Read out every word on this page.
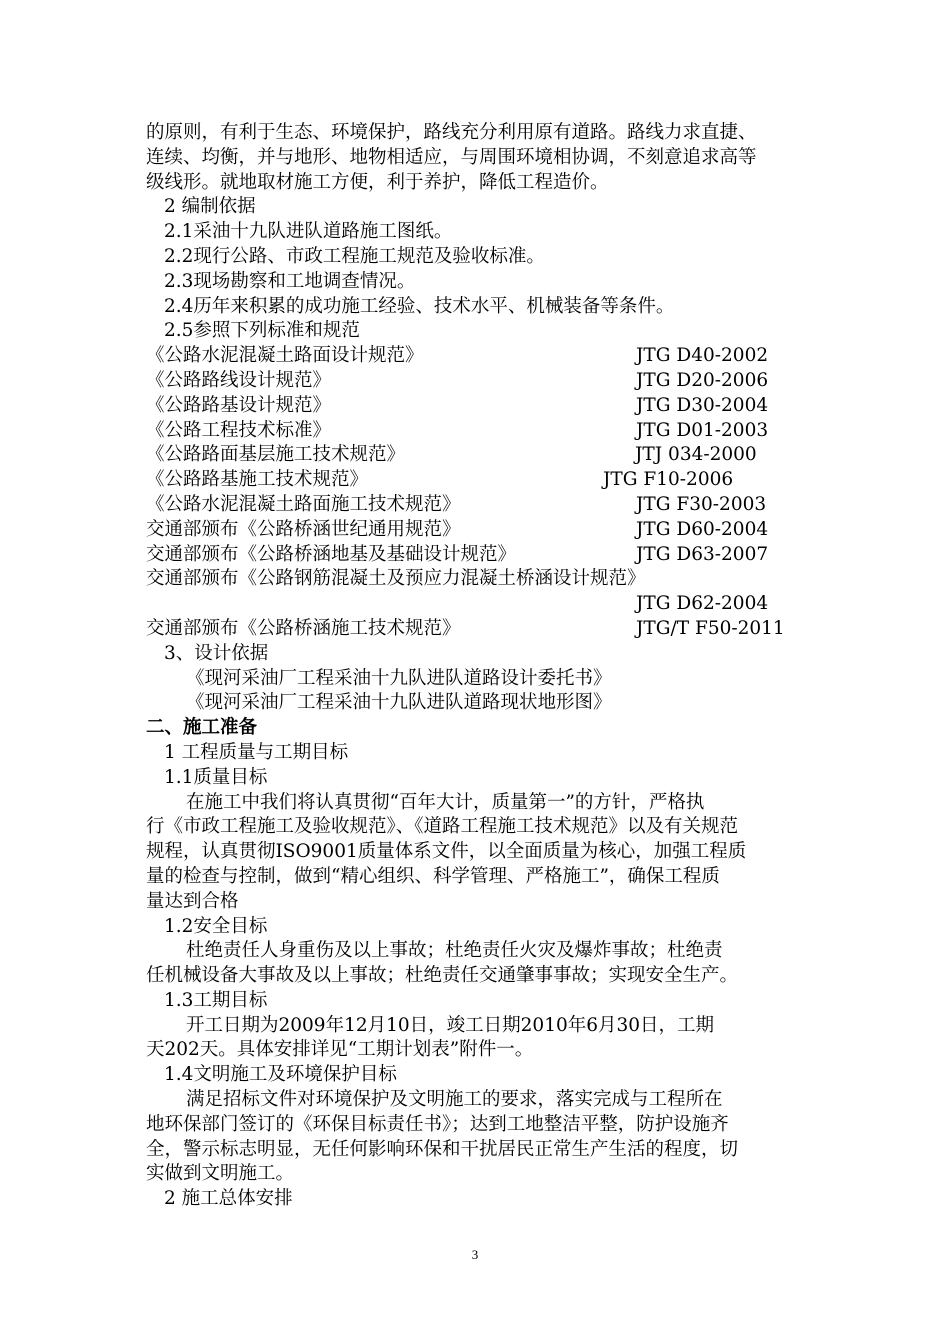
的原则，有利于生态、环境保护，路线充分利用原有道路。路线力求直捷、
连续、均衡，并与地形、地物相适应，与周围环境相协调，不刻意追求高等
级线形。就地取材施工方便，利于养护，降低工程造价。
2 编制依据
2.1采油十九队进队道路施工图纸。
2.2现行公路、市政工程施工规范及验收标准。
2.3现场勘察和工地调查情况。
2.4历年来积累的成功施工经验、技术水平、机械装备等条件。
2.5参照下列标准和规范
《公路水泥混凝土路面设计规范》	JTG D40-2002
《公路路线设计规范》	JTG D20-2006
《公路路基设计规范》	JTG D30-2004
《公路工程技术标准》	JTG D01-2003
《公路路面基层施工技术规范》	JTJ 034-2000
《公路路基施工技术规范》	JTG F10-2006
《公路水泥混凝土路面施工技术规范》	JTG F30-2003
交通部颁布《公路桥涵世纪通用规范》	JTG D60-2004
交通部颁布《公路桥涵地基及基础设计规范》	JTG D63-2007
交通部颁布《公路钢筋混凝土及预应力混凝土桥涵设计规范》
JTG D62-2004
交通部颁布《公路桥涵施工技术规范》	JTG/T F50-2011
3、设计依据
《现河采油厂工程采油十九队进队道路设计委托书》
《现河采油厂工程采油十九队进队道路现状地形图》
二、施工准备
1 工程质量与工期目标
1.1质量目标
在施工中我们将认真贯彻“百年大计，质量第一”的方针，严格执
行《市政工程施工及验收规范》、《道路工程施工技术规范》以及有关规范
规程，认真贯彻ISO9001质量体系文件，以全面质量为核心，加强工程质
量的检查与控制，做到“精心组织、科学管理、严格施工”，确保工程质
量达到合格
1.2安全目标
杜绝责任人身重伤及以上事故；杜绝责任火灾及爆炸事故；杜绝责
任机械设备大事故及以上事故；杜绝责任交通肇事事故；实现安全生产。
1.3工期目标
开工日期为2009年12月10日，竣工日期2010年6月30日，工期
天202天。具体安排详见“工期计划表”附件一。
1.4文明施工及环境保护目标
满足招标文件对环境保护及文明施工的要求，落实完成与工程所在
地环保部门签订的《环保目标责任书》；达到工地整洁平整，防护设施齐
全，警示标志明显，无任何影响环保和干扰居民正常生产生活的程度，切
实做到文明施工。
2 施工总体安排
3
